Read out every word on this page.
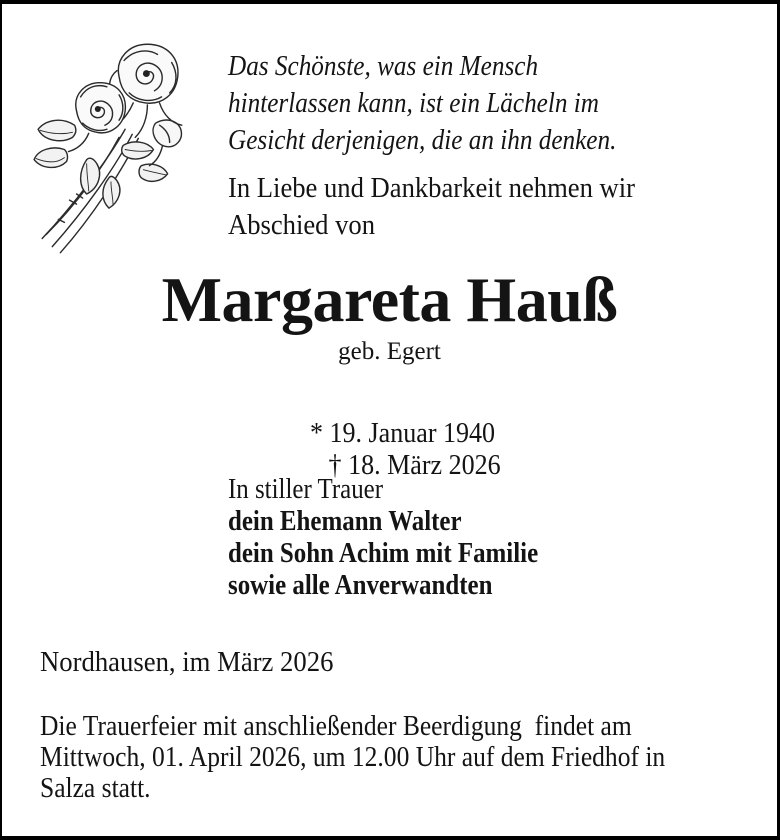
Das Schönste, was ein Mensch
hinterlassen kann, ist ein Lächeln im
Gesicht derjenigen, die an ihn denken.
In Liebe und Dankbarkeit nehmen wir
Abschied von
Margareta Hauß
geb. Egert

* 19. Januar 1940
† 18. März 2026

In stiller Trauer
dein Ehemann Walter
dein Sohn Achim mit Familie
sowie alle Anverwandten
Nordhausen, im März 2026
Die Trauerfeier mit anschließender Beerdigung  findet am
Mittwoch, 01. April 2026, um 12.00 Uhr auf dem Friedhof in
Salza statt.
